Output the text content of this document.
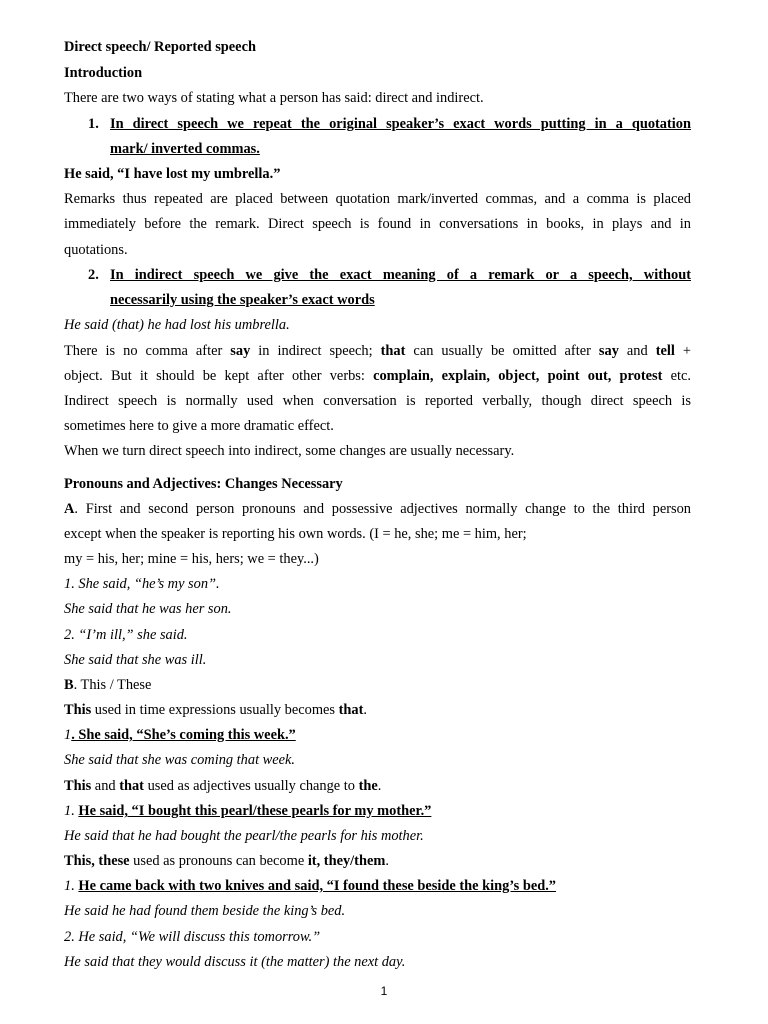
Direct speech/ Reported speech
Introduction
There are two ways of stating what a person has said: direct and indirect.
1. In direct speech we repeat the original speaker’s exact words putting in a quotation
mark/ inverted commas.
He said, “I have lost my umbrella.”
Remarks thus repeated are placed between quotation mark/inverted commas, and a comma is placed
immediately before the remark. Direct speech is found in conversations in books, in plays and in
quotations.
2. In indirect speech we give the exact meaning of a remark or a speech, without
necessarily using the speaker’s exact words
He said (that) he had lost his umbrella.
There is no comma after say in indirect speech; that can usually be omitted after say and tell +
object. But it should be kept after other verbs: complain, explain, object, point out, protest etc.
Indirect speech is normally used when conversation is reported verbally, though direct speech is
sometimes here to give a more dramatic effect.
When we turn direct speech into indirect, some changes are usually necessary.
Pronouns and Adjectives: Changes Necessary
A. First and second person pronouns and possessive adjectives normally change to the third person
except when the speaker is reporting his own words. (I = he, she; me = him, her;
my = his, her; mine = his, hers; we = they...)
1. She said, “he’s my son”.
She said that he was her son.
2. “I’m ill,” she said.
She said that she was ill.
B. This / These
This used in time expressions usually becomes that.
1. She said, “She’s coming this week.”
She said that she was coming that week.
This and that used as adjectives usually change to the.
1. He said, “I bought this pearl/these pearls for my mother.”
He said that he had bought the pearl/the pearls for his mother.
This, these used as pronouns can become it, they/them.
1. He came back with two knives and said, “I found these beside the king’s bed.”
He said he had found them beside the king’s bed.
2. He said, “We will discuss this tomorrow.”
He said that they would discuss it (the matter) the next day.
1
